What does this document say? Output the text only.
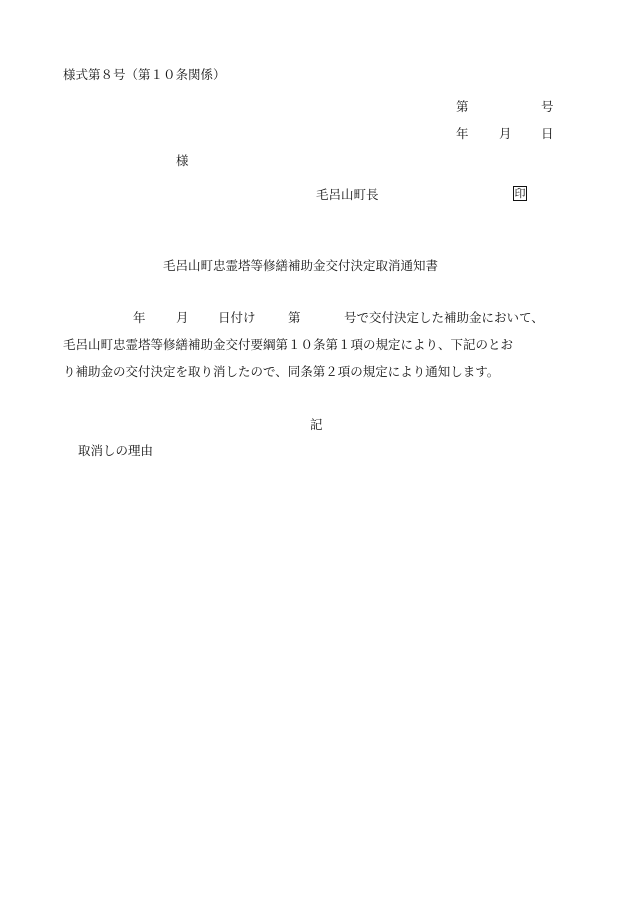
様式第８号（第１０条関係）
第	号
年 月 日
様
毛呂山町長	印
毛呂山町忠霊塔等修繕補助金交付決定取消通知書
年 月 日付け	第	号で交付決定した補助金において、
毛呂山町忠霊塔等修繕補助金交付要綱第１０条第１項の規定により、下記のとお
り補助金の交付決定を取り消したので、同条第２項の規定により通知します。
記
取消しの理由
